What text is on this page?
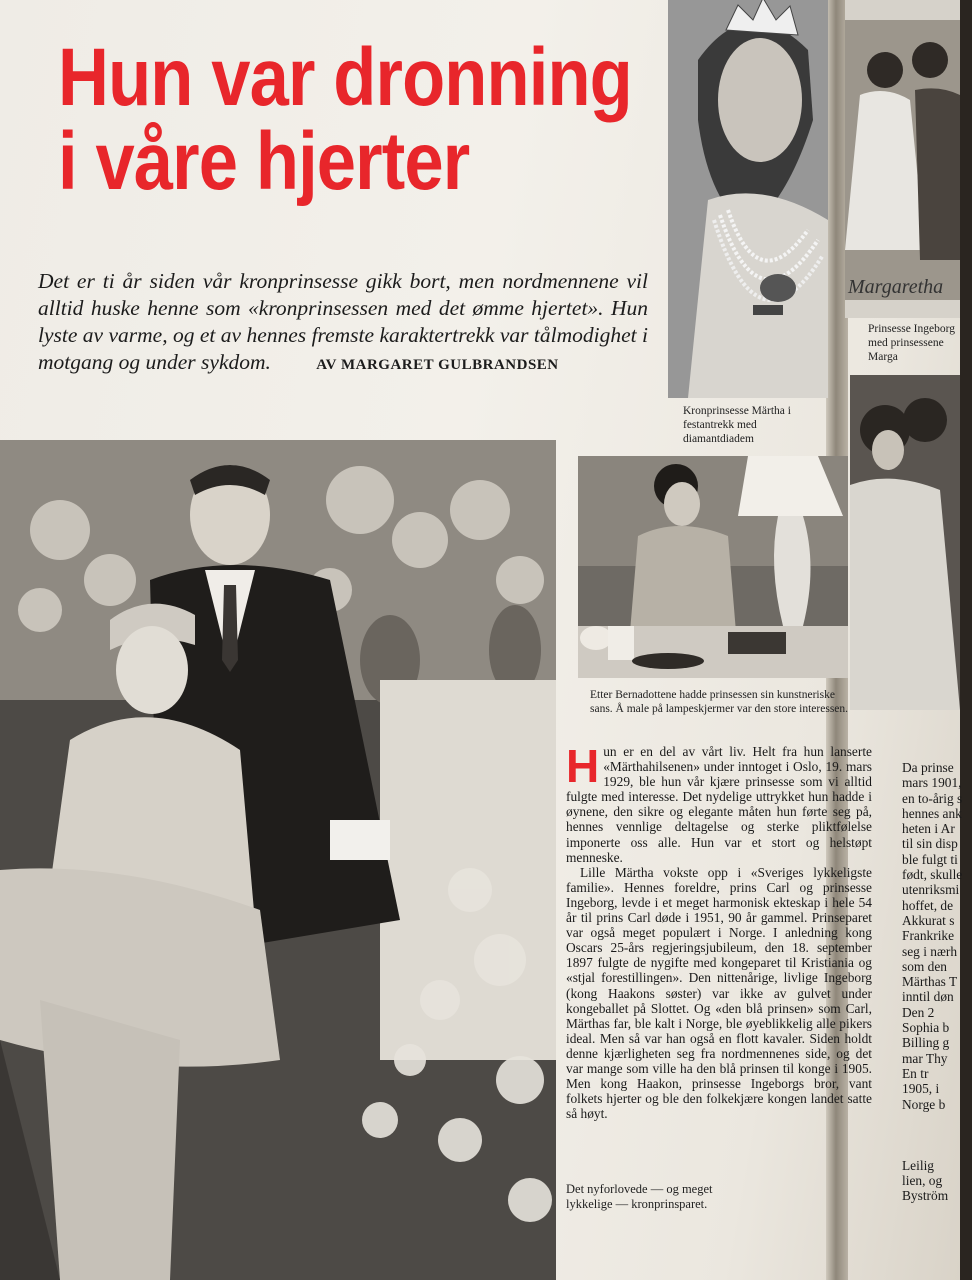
Hun var dronning
i våre hjerter
Det er ti år siden vår kronprinsesse gikk bort, men nordmennene vil alltid huske henne som «kronprinsessen med det ømme hjertet». Hun lyste av varme, og et av hennes fremste karaktertrekk var tålmodighet i motgang og under sykdom.	AV MARGARET GULBRANDSEN
Kronprinsesse Märtha i festantrekk med diamantdiadem
Margaretha
Prinsesse Ingeborg med prinsessene Marga
Etter Bernadottene hadde prinsessen sin kunstneriske sans. Å male på lampeskjermer var den store interessen.

Hun er en del av vårt liv. Helt fra hun lanserte «Märthahilsenen» under inntoget i Oslo, 19. mars 1929, ble hun vår kjære prinsesse som vi alltid fulgte med interesse. Det nydelige uttrykket hun hadde i øynene, den sikre og elegante måten hun førte seg på, hennes vennlige deltagelse og sterke pliktfølelse imponerte oss alle. Hun var et stort og helstøpt menneske.

Lille Märtha vokste opp i «Sveriges lykkeligste familie». Hennes foreldre, prins Carl og prinsesse Ingeborg, levde i et meget harmonisk ekteskap i hele 54 år til prins Carl døde i 1951, 90 år gammel. Prinseparet var også meget populært i Norge. I anledning kong Oscars 25-års regjeringsjubileum, den 18. september 1897 fulgte de nygifte med kongeparet til Kristiania og «stjal forestillingen». Den nittenårige, livlige Ingeborg (kong Haakons søster) var ikke av gulvet under kongeballet på Slottet. Og «den blå prinsen» som Carl, Märthas far, ble kalt i Norge, ble øyeblikkelig alle pikers ideal. Men så var han også en flott kavaler. Siden holdt denne kjærligheten seg fra nordmennenes side, og det var mange som ville ha den blå prinsen til konge i 1905. Men kong Haakon, prinsesse Ingeborgs bror, vant folkets hjerter og ble den folkekjære kongen landet satte så høyt.

Det nyforlovede — og meget lykkelige — kronprinsparet.
Da prinse
mars 1901,
en to-årig s
hennes ank
heten i Ar
til sin disp
ble fulgt ti
født, skulle
utenriksmi
hoffet, de
Akkurat s
Frankrike
seg i nærh
som den
Märthas T
inntil døn
Den 2
Sophia b
Billing g
mar Thy
En tr
1905, i
Norge b
Leilig
lien, og
Byström
